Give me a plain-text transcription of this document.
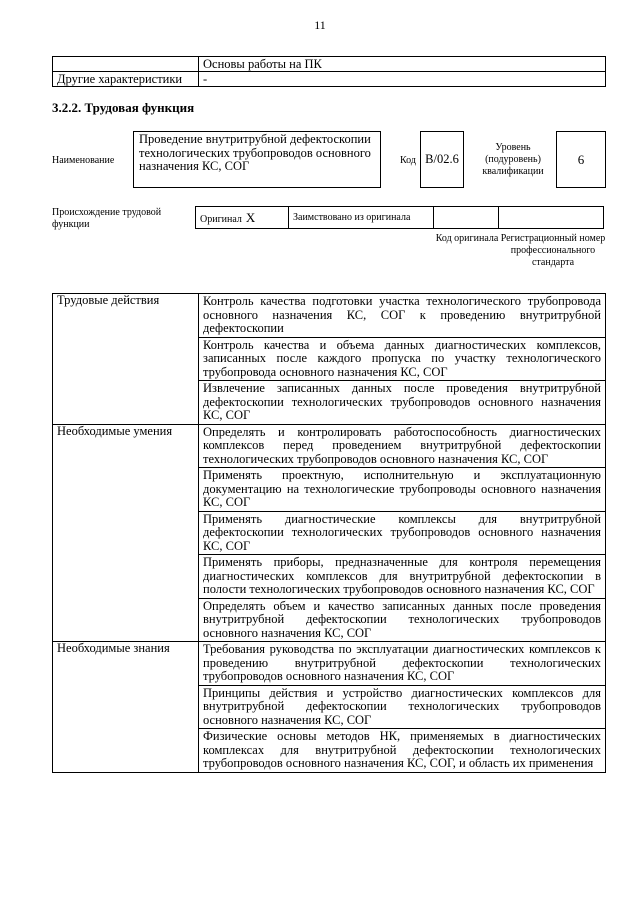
11
	Основы работы на ПК
Другие характеристики	-
3.2.2. Трудовая функция
Наименование
Проведение внутритрубной дефектоскопии технологических трубопроводов основного назначения КС, СОГ	Код В/02.6
Уровень (подуровень) квалификации
6
Происхождение трудовой функции	Оригинал X	Заимствовано из оригинала		
Код оригинала Регистрационный номер профессионального стандарта
Трудовые действия	Контроль качества подготовки участка технологического трубопровода основного назначения КС, СОГ к проведению внутритрубной дефектоскопии
	Контроль качества и объема данных диагностических комплексов, записанных после каждого пропуска по участку технологического трубопровода основного назначения КС, СОГ
	Извлечение записанных данных после проведения внутритрубной дефектоскопии технологических трубопроводов основного назначения КС, СОГ
Необходимые умения	Определять и контролировать работоспособность диагностических комплексов перед проведением внутритрубной дефектоскопии технологических трубопроводов основного назначения КС, СОГ
	Применять проектную, исполнительную и эксплуатационную документацию на технологические трубопроводы основного назначения КС, СОГ
	Применять диагностические комплексы для внутритрубной дефектоскопии технологических трубопроводов основного назначения КС, СОГ
	Применять приборы, предназначенные для контроля перемещения диагностических комплексов для внутритрубной дефектоскопии в полости технологических трубопроводов основного назначения КС, СОГ
	Определять объем и качество записанных данных после проведения внутритрубной дефектоскопии технологических трубопроводов основного назначения КС, СОГ
Необходимые знания	Требования руководства по эксплуатации диагностических комплексов к проведению внутритрубной дефектоскопии технологических трубопроводов основного назначения КС, СОГ
	Принципы действия и устройство диагностических комплексов для внутритрубной дефектоскопии технологических трубопроводов основного назначения КС, СОГ
	Физические основы методов НК, применяемых в диагностических комплексах для внутритрубной дефектоскопии технологических трубопроводов основного назначения КС, СОГ, и область их применения
